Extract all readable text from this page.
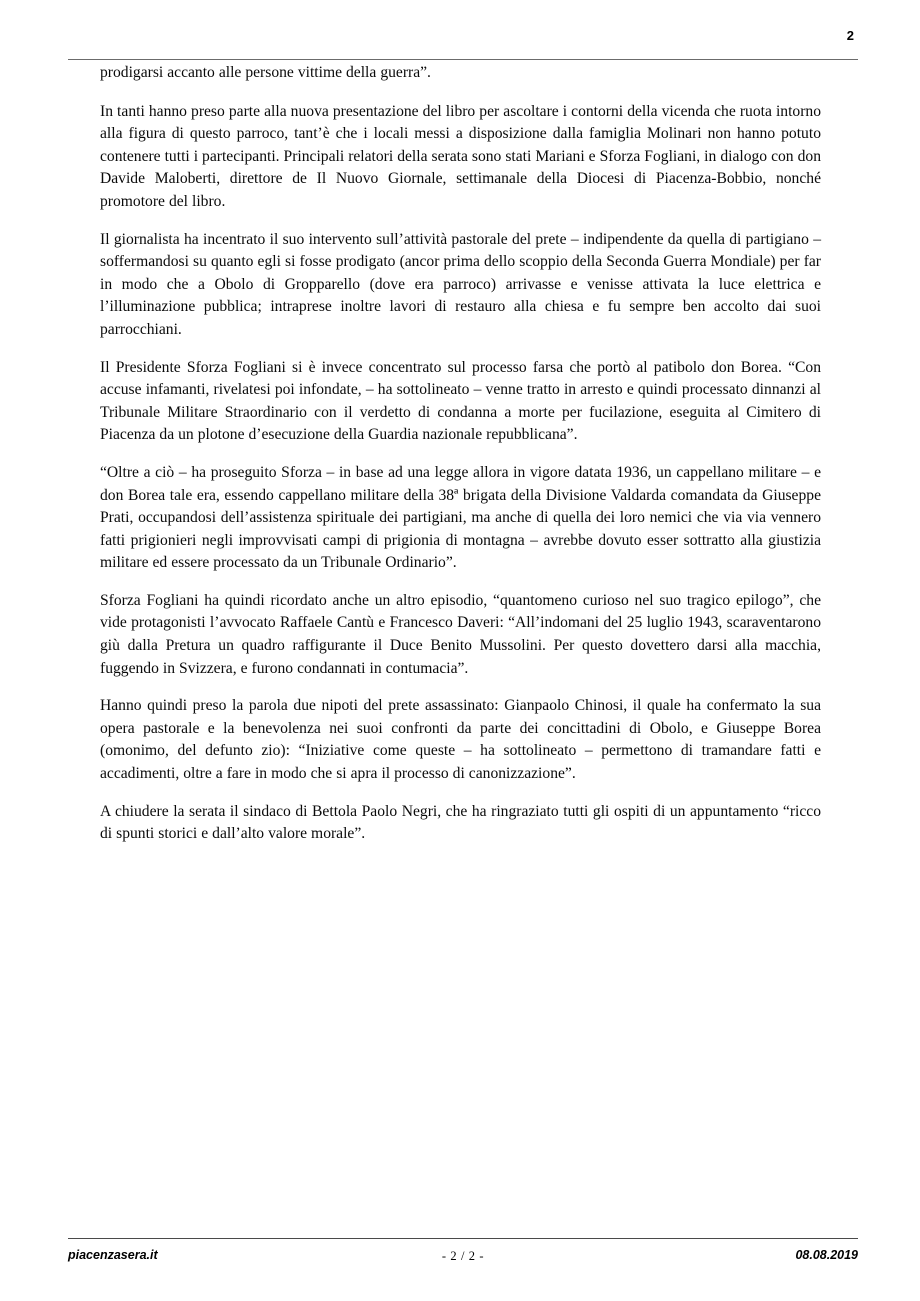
2

prodigarsi accanto alle persone vittime della guerra”.

In tanti hanno preso parte alla nuova presentazione del libro per ascoltare i contorni della vicenda che ruota intorno alla figura di questo parroco, tant’è che i locali messi a disposizione dalla famiglia Molinari non hanno potuto contenere tutti i partecipanti. Principali relatori della serata sono stati Mariani e Sforza Fogliani, in dialogo con don Davide Maloberti, direttore de Il Nuovo Giornale, settimanale della Diocesi di Piacenza-Bobbio, nonché promotore del libro.

Il giornalista ha incentrato il suo intervento sull’attività pastorale del prete – indipendente da quella di partigiano – soffermandosi su quanto egli si fosse prodigato (ancor prima dello scoppio della Seconda Guerra Mondiale) per far in modo che a Obolo di Gropparello (dove era parroco) arrivasse e venisse attivata la luce elettrica e l’illuminazione pubblica; intraprese inoltre lavori di restauro alla chiesa e fu sempre ben accolto dai suoi parrocchiani.

Il Presidente Sforza Fogliani si è invece concentrato sul processo farsa che portò al patibolo don Borea. “Con accuse infamanti, rivelatesi poi infondate, – ha sottolineato – venne tratto in arresto e quindi processato dinnanzi al Tribunale Militare Straordinario con il verdetto di condanna a morte per fucilazione, eseguita al Cimitero di Piacenza da un plotone d’esecuzione della Guardia nazionale repubblicana”.

“Oltre a ciò – ha proseguito Sforza – in base ad una legge allora in vigore datata 1936, un cappellano militare – e don Borea tale era, essendo cappellano militare della 38ª brigata della Divisione Valdarda comandata da Giuseppe Prati, occupandosi dell’assistenza spirituale dei partigiani, ma anche di quella dei loro nemici che via via vennero fatti prigionieri negli improvvisati campi di prigionia di montagna – avrebbe dovuto esser sottratto alla giustizia militare ed essere processato da un Tribunale Ordinario”.

Sforza Fogliani ha quindi ricordato anche un altro episodio, “quantomeno curioso nel suo tragico epilogo”, che vide protagonisti l’avvocato Raffaele Cantù e Francesco Daveri: “All’indomani del 25 luglio 1943, scaraventarono giù dalla Pretura un quadro raffigurante il Duce Benito Mussolini. Per questo dovettero darsi alla macchia, fuggendo in Svizzera, e furono condannati in contumacia”.

Hanno quindi preso la parola due nipoti del prete assassinato: Gianpaolo Chinosi, il quale ha confermato la sua opera pastorale e la benevolenza nei suoi confronti da parte dei concittadini di Obolo, e Giuseppe Borea (omonimo, del defunto zio): “Iniziative come queste – ha sottolineato – permettono di tramandare fatti e accadimenti, oltre a fare in modo che si apra il processo di canonizzazione”.

A chiudere la serata il sindaco di Bettola Paolo Negri, che ha ringraziato tutti gli ospiti di un appuntamento “ricco di spunti storici e dall’alto valore morale”.

piacenzasera.it	- 2 / 2 -	08.08.2019
